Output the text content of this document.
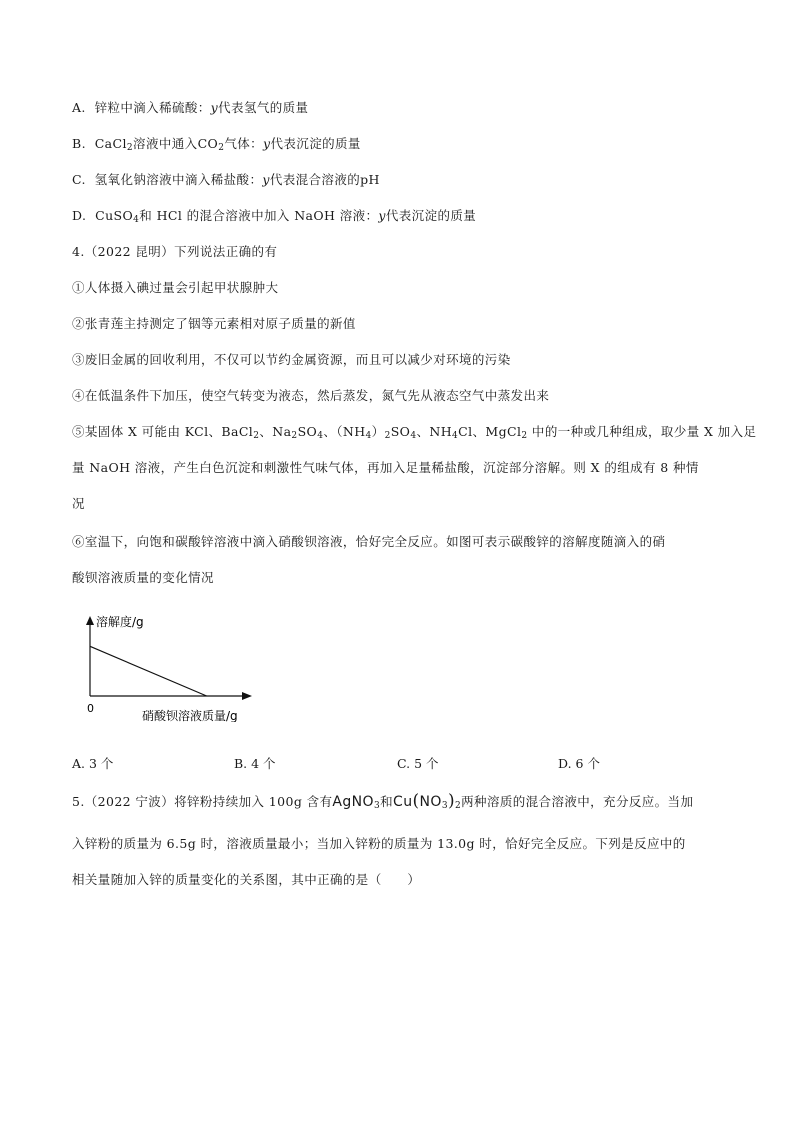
A. 锌粒中滴入稀硫酸：y代表氢气的质量
B. CaCl$_2$溶液中通入$CO_2$气体：y代表沉淀的质量
C. 氢氧化钠溶液中滴入稀盐酸：y代表混合溶液的pH
D. CuSO$_4$和 HCl 的混合溶液中加入 NaOH 溶液：y代表沉淀的质量
4.（2022 昆明）下列说法正确的有
①人体摄入碘过量会引起甲状腺肿大
②张青莲主持测定了铟等元素相对原子质量的新值
③废旧金属的回收利用，不仅可以节约金属资源，而且可以减少对环境的污染
④在低温条件下加压，使空气转变为液态，然后蒸发，氮气先从液态空气中蒸发出来
⑤某固体 X 可能由 KCl、BaCl$_2$、$Na_2SO_4$、$(NH_4)_2SO_4$、$NH_4Cl$、MgCl$_2$ 中的一种或几种组成，取少量 X 加入足
量 NaOH 溶液，产生白色沉淀和刺激性气味气体，再加入足量稀盐酸，沉淀部分溶解。则 X 的组成有 8 种情
况
⑥室温下，向饱和碳酸锌溶液中滴入硝酸钡溶液，恰好完全反应。如图可表示碳酸锌的溶解度随滴入的硝
酸钡溶液质量的变化情况
溶解度/g
硝酸钡溶液质量/g
0
A. 3 个	B. 4 个	C. 5 个	D. 6 个
5.（2022 宁波）将锌粉持续加入 100g 含有AgNO$_3$和$Cu(NO_3)_2$两种溶质的混合溶液中，充分反应。当加
入锌粉的质量为 6.5g 时，溶液质量最小；当加入锌粉的质量为 13.0g 时，恰好完全反应。下列是反应中的
相关量随加入锌的质量变化的关系图，其中正确的是（　　）
